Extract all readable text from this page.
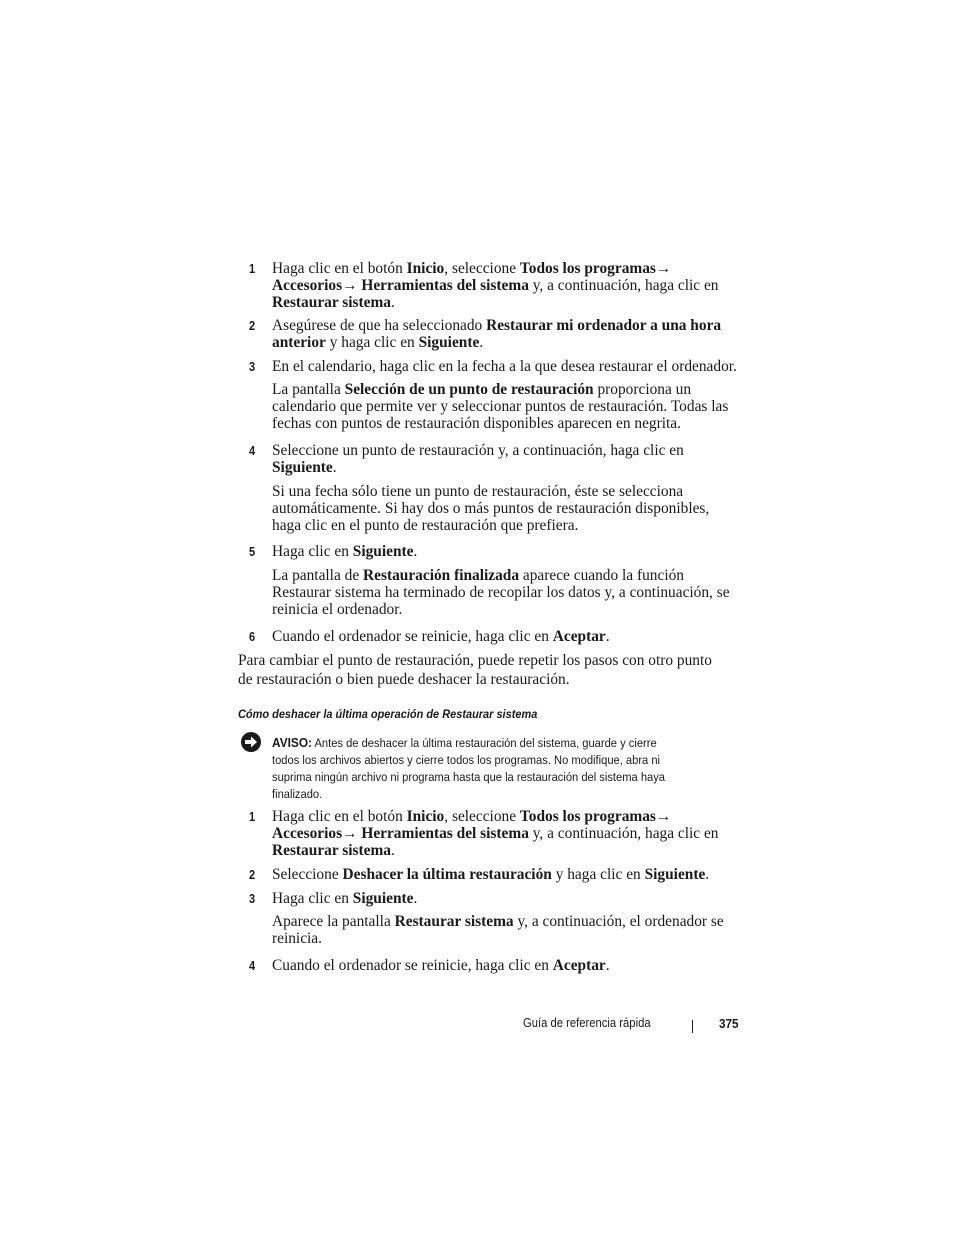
1 Haga clic en el botón Inicio, seleccione Todos los programas→
Accesorios→ Herramientas del sistema y, a continuación, haga clic en
Restaurar sistema.
2 Asegúrese de que ha seleccionado Restaurar mi ordenador a una hora
anterior y haga clic en Siguiente.
3 En el calendario, haga clic en la fecha a la que desea restaurar el ordenador.
La pantalla Selección de un punto de restauración proporciona un
calendario que permite ver y seleccionar puntos de restauración. Todas las
fechas con puntos de restauración disponibles aparecen en negrita.
4 Seleccione un punto de restauración y, a continuación, haga clic en
Siguiente.
Si una fecha sólo tiene un punto de restauración, éste se selecciona
automáticamente. Si hay dos o más puntos de restauración disponibles,
haga clic en el punto de restauración que prefiera.
5 Haga clic en Siguiente.
La pantalla de Restauración finalizada aparece cuando la función
Restaurar sistema ha terminado de recopilar los datos y, a continuación, se
reinicia el ordenador.
6 Cuando el ordenador se reinicie, haga clic en Aceptar.
Para cambiar el punto de restauración, puede repetir los pasos con otro punto
de restauración o bien puede deshacer la restauración.
Cómo deshacer la última operación de Restaurar sistema
AVISO: Antes de deshacer la última restauración del sistema, guarde y cierre
todos los archivos abiertos y cierre todos los programas. No modifique, abra ni
suprima ningún archivo ni programa hasta que la restauración del sistema haya
finalizado.
1 Haga clic en el botón Inicio, seleccione Todos los programas→
Accesorios→ Herramientas del sistema y, a continuación, haga clic en
Restaurar sistema.
2 Seleccione Deshacer la última restauración y haga clic en Siguiente.
3 Haga clic en Siguiente.
Aparece la pantalla Restaurar sistema y, a continuación, el ordenador se
reinicia.
4 Cuando el ordenador se reinicie, haga clic en Aceptar.
Guía de referencia rápida	375
